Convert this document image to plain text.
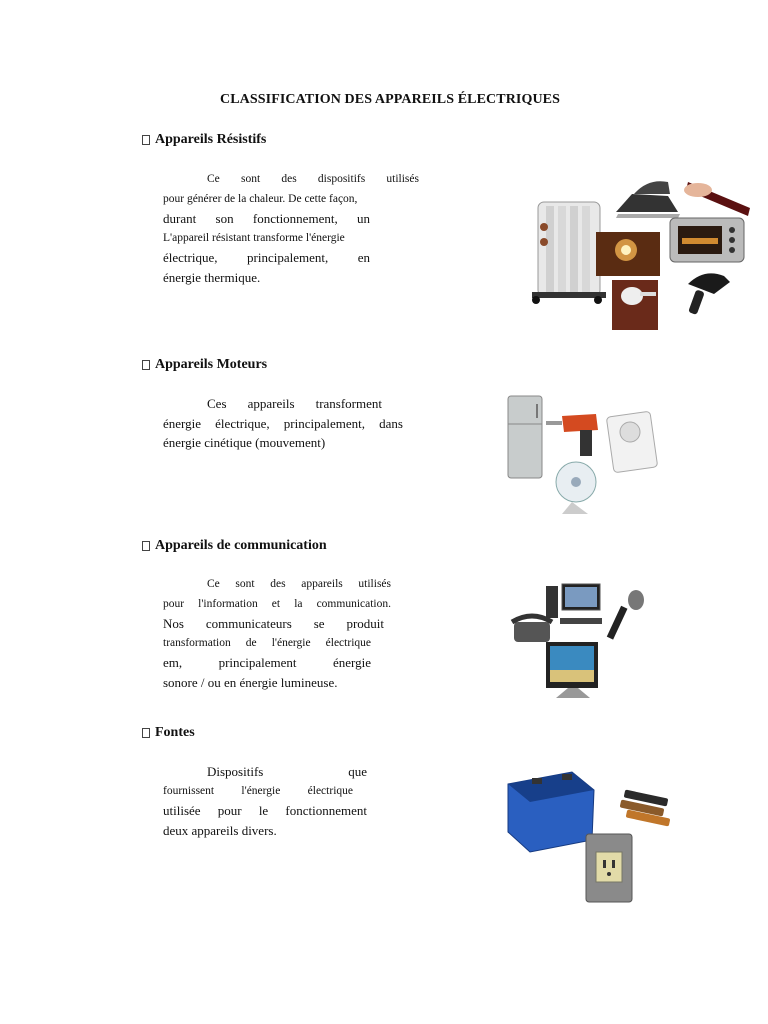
CLASSIFICATION DES APPAREILS ÉLECTRIQUES
Appareils Résistifs
Ce sont des dispositifs utilisés
pour générer de la chaleur. De cette façon,
durant son fonctionnement, un
L'appareil résistant transforme l'énergie
électrique, principalement, en
énergie thermique.
Appareils Moteurs
Ces appareils transforment
énergie électrique, principalement, dans
énergie cinétique (mouvement)
Appareils de communication
Ce sont des appareils utilisés
pour l'information et la communication.
Nos communicateurs se produit
transformation de l'énergie électrique
em, principalement énergie
sonore / ou en énergie lumineuse.
Fontes
Dispositifs que
fournissent l'énergie électrique
utilisée pour le fonctionnement
deux appareils divers.
